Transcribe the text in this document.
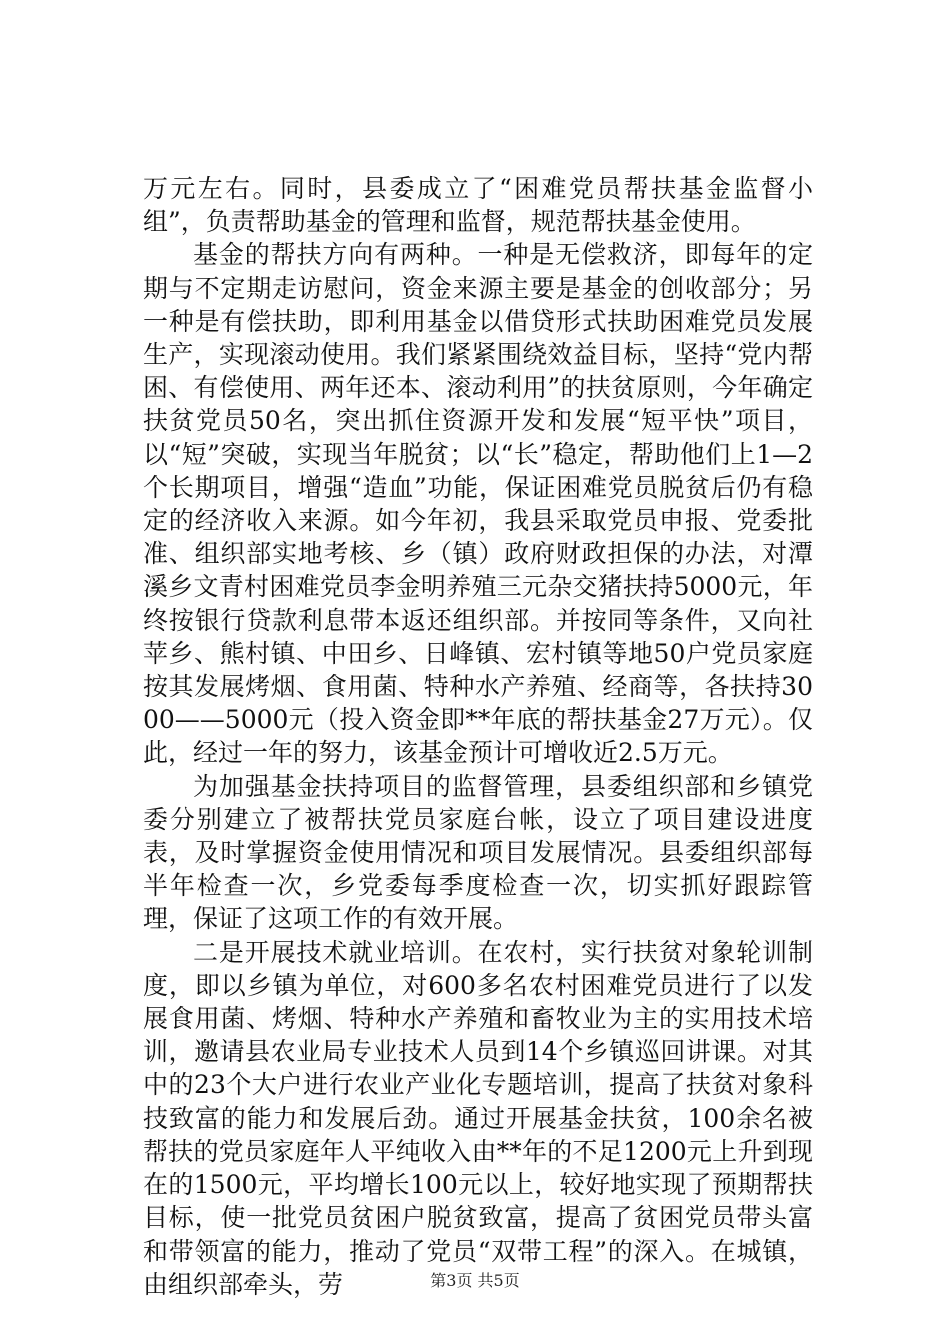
万元左右。同时，县委成立了“困难党员帮扶基金监督小组”，负责帮助基金的管理和监督，规范帮扶基金使用。

基金的帮扶方向有两种。一种是无偿救济，即每年的定期与不定期走访慰问，资金来源主要是基金的创收部分；另一种是有偿扶助，即利用基金以借贷形式扶助困难党员发展生产，实现滚动使用。我们紧紧围绕效益目标，坚持“党内帮困、有偿使用、两年还本、滚动利用”的扶贫原则，今年确定扶贫党员50名，突出抓住资源开发和发展“短平快”项目，以“短”突破，实现当年脱贫；以“长”稳定，帮助他们上1—2个长期项目，增强“造血”功能，保证困难党员脱贫后仍有稳定的经济收入来源。如今年初，我县采取党员申报、党委批准、组织部实地考核、乡（镇）政府财政担保的办法，对潭溪乡文青村困难党员李金明养殖三元杂交猪扶持5000元，年终按银行贷款利息带本返还组织部。并按同等条件，又向社苹乡、熊村镇、中田乡、日峰镇、宏村镇等地50户党员家庭按其发展烤烟、食用菌、特种水产养殖、经商等，各扶持3000——5000元（投入资金即**年底的帮扶基金27万元）。仅此，经过一年的努力，该基金预计可增收近2.5万元。

为加强基金扶持项目的监督管理，县委组织部和乡镇党委分别建立了被帮扶党员家庭台帐，设立了项目建设进度表，及时掌握资金使用情况和项目发展情况。县委组织部每半年检查一次，乡党委每季度检查一次，切实抓好跟踪管理，保证了这项工作的有效开展。

二是开展技术就业培训。在农村，实行扶贫对象轮训制度，即以乡镇为单位，对600多名农村困难党员进行了以发展食用菌、烤烟、特种水产养殖和畜牧业为主的实用技术培训，邀请县农业局专业技术人员到14个乡镇巡回讲课。对其中的23个大户进行农业产业化专题培训，提高了扶贫对象科技致富的能力和发展后劲。通过开展基金扶贫，100余名被帮扶的党员家庭年人平纯收入由**年的不足1200元上升到现在的1500元，平均增长100元以上，较好地实现了预期帮扶目标，使一批党员贫困户脱贫致富，提高了贫困党员带头富和带领富的能力，推动了党员“双带工程”的深入。在城镇，由组织部牵头，劳	第3页 共5页
